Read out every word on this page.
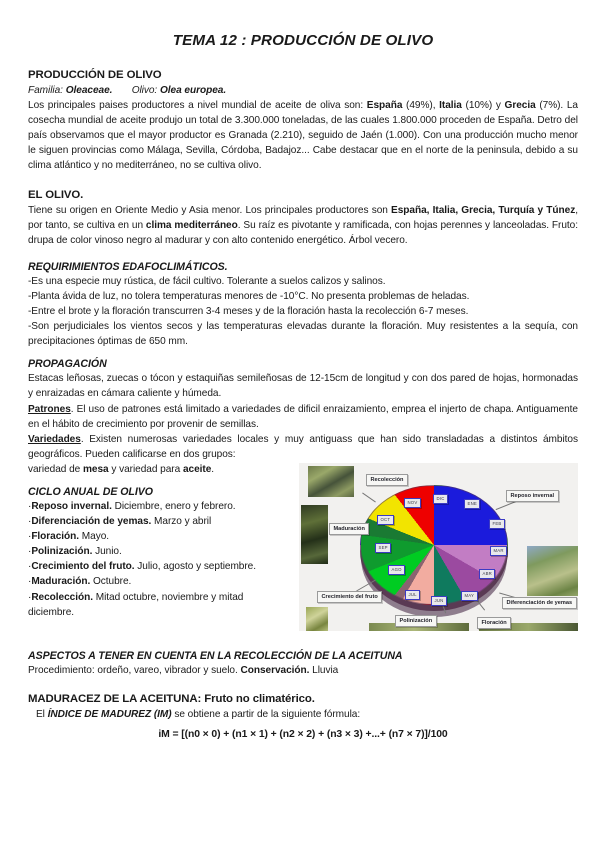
TEMA 12 : PRODUCCIÓN DE OLIVO
PRODUCCIÓN DE OLIVO

Familia: Oleaceae. Olivo: Olea europea.

Los principales paises productores a nivel mundial de aceite de oliva son: España (49%), Italia (10%) y Grecia (7%). La cosecha mundial de aceite produjo un total de 3.300.000 toneladas, de las cuales 1.800.000 proceden de España. Detro del país observamos que el mayor productor es Granada (2.210), seguido de Jaén (1.000). Con una producción mucho menor le siguen provincias como Málaga, Sevilla, Córdoba, Badajoz... Cabe destacar que en el norte de la peninsula, debido a su clima atlántico y no mediterráneo, no se cultiva olivo.

EL OLIVO.

Tiene su origen en Oriente Medio y Asia menor. Los principales productores son España, Italia, Grecia, Turquía y Túnez, por tanto, se cultiva en un clima mediterráneo. Su raíz es pivotante y ramificada, con hojas perennes y lanceoladas. Fruto: drupa de color vinoso negro al madurar y con alto contenido energético. Árbol vecero.

REQUIRIMIENTOS EDAFOCLIMÁTICOS.

-Es una especie muy rústica, de fácil cultivo. Tolerante a suelos calizos y salinos.

-Planta ávida de luz, no tolera temperaturas menores de -10°C. No presenta problemas de heladas.

-Entre el brote y la floración transcurren 3-4 meses y de la floración hasta la recolección 6-7 meses.

-Son perjudiciales los vientos secos y las temperaturas elevadas durante la floración. Muy resistentes a la sequía, con precipitaciones óptimas de 650 mm.

PROPAGACIÓN

Estacas leñosas, zuecas o tócon y estaquiñas semileñosas de 12-15cm de longitud y con dos pared de hojas, hormonadas y enraizadas en cámara caliente y húmeda.

Patrones. El uso de patrones está limitado a variedades de dificil enraizamiento, emprea el injerto de chapa. Antiguamente en el hábito de crecimiento por provenir de semillas.

Variedades. Existen numerosas variedades locales y muy antiguass que han sido transladadas a distintos ámbitos geográficos. Pueden calificarse en dos grupos:

DIC
ENE
FEB
MAR
ABR
MAY
JUN
JUL
AGO
SEP
OCT
NOV
Recolección
Reposo invernal
Maduración
Crecimiento del fruto
Polinización	Floración
Diferenciación de yemas

variedad de mesa y variedad para aceite.

CICLO ANUAL DE OLIVO

·Reposo invernal. Diciembre, enero y febrero.

·Diferenciación de yemas. Marzo y abril

·Floración. Mayo.

·Polinización. Junio.

·Crecimiento del fruto. Julio, agosto y septiembre.

·Maduración. Octubre.

·Recolección. Mitad octubre, noviembre y mitad

diciembre.

ASPECTOS A TENER EN CUENTA EN LA RECOLECCIÓN DE LA ACEITUNA

Procedimiento: ordeño, vareo, vibrador y suelo. Conservación. Lluvia

MADURACEZ DE LA ACEITUNA: Fruto no climatérico.

El ÍNDICE DE MADUREZ (IM) se obtiene a partir de la siguiente fórmula:

iM = [(n0 × 0) + (n1 × 1) + (n2 × 2) + (n3 × 3) +...+ (n7 × 7)]/100
